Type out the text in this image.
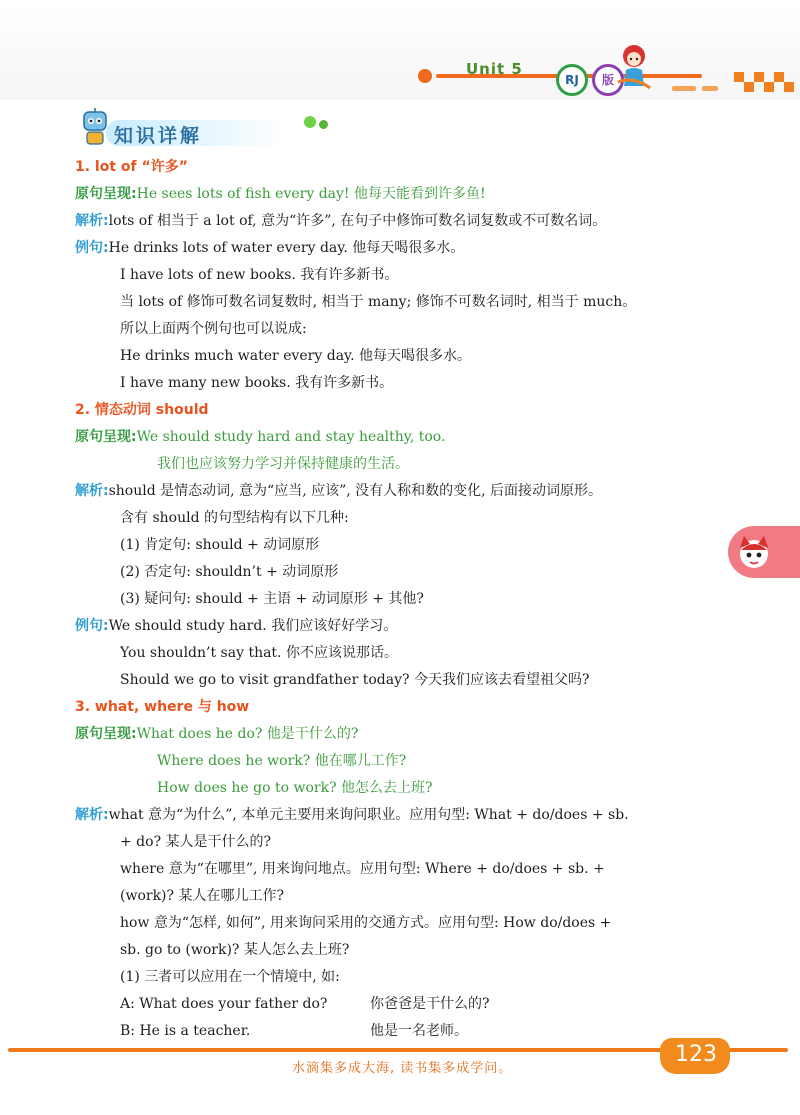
Unit 5
RJ	版
知识详解
1. lot of “许多”
原句呈现:He sees lots of fish every day! 他每天能看到许多鱼!
解析:lots of 相当于 a lot of, 意为“许多”, 在句子中修饰可数名词复数或不可数名词。
例句:He drinks lots of water every day. 他每天喝很多水。
I have lots of new books. 我有许多新书。
当 lots of 修饰可数名词复数时, 相当于 many; 修饰不可数名词时, 相当于 much。
所以上面两个例句也可以说成:
He drinks much water every day. 他每天喝很多水。
I have many new books. 我有许多新书。
2. 情态动词 should
原句呈现:We should study hard and stay healthy, too.
我们也应该努力学习并保持健康的生活。
解析:should 是情态动词, 意为“应当, 应该”, 没有人称和数的变化, 后面接动词原形。
含有 should 的句型结构有以下几种:
(1) 肯定句: should + 动词原形
(2) 否定句: shouldn’t + 动词原形
(3) 疑问句: should + 主语 + 动词原形 + 其他?
例句:We should study hard. 我们应该好好学习。
You shouldn’t say that. 你不应该说那话。
Should we go to visit grandfather today? 今天我们应该去看望祖父吗?
3. what, where 与 how
原句呈现:What does he do? 他是干什么的?
Where does he work? 他在哪儿工作?
How does he go to work? 他怎么去上班?
解析:what 意为“为什么”, 本单元主要用来询问职业。应用句型: What + do/does + sb.
+ do? 某人是干什么的?
where 意为“在哪里”, 用来询问地点。应用句型: Where + do/does + sb. +
(work)? 某人在哪儿工作?
how 意为“怎样, 如何”, 用来询问采用的交通方式。应用句型: How do/does +
sb. go to (work)? 某人怎么去上班?
(1) 三者可以应用在一个情境中, 如:
A: What does your father do?	你爸爸是干什么的?
B: He is a teacher.	他是一名老师。
水滴集多成大海, 读书集多成学问。
123
